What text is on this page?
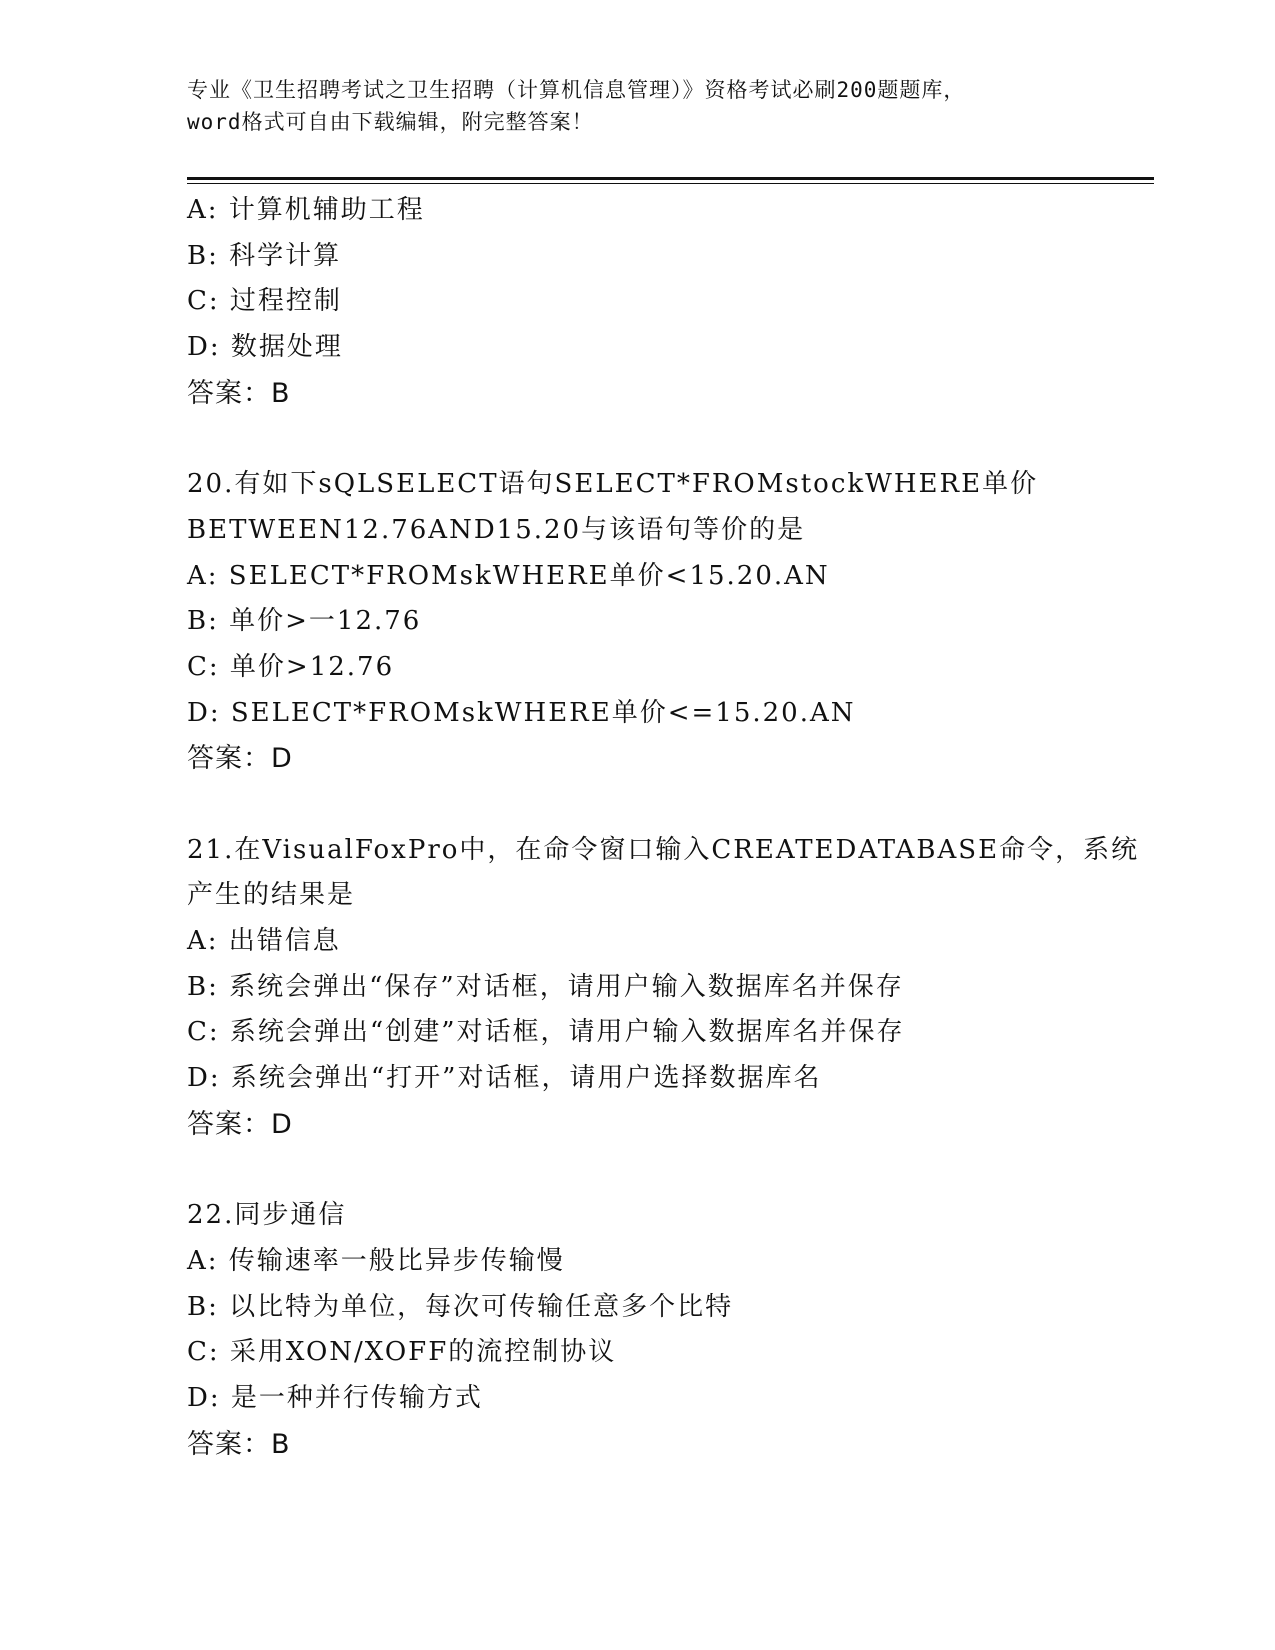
专业《卫生招聘考试之卫生招聘（计算机信息管理）》资格考试必刷200题题库，
word格式可自由下载编辑，附完整答案！
A: 计算机辅助工程
B: 科学计算
C: 过程控制
D: 数据处理
答案：B
20.有如下sQLSELECT语句SELECT*FROMstockWHERE单价
BETWEEN12.76AND15.20与该语句等价的是
A: SELECT*FROMskWHERE单价<15.20.AN
B: 单价>一12.76
C: 单价>12.76
D: SELECT*FROMskWHERE单价<=15.20.AN
答案：D
21.在VisualFoxPro中，在命令窗口输入CREATEDATABASE命令，系统
产生的结果是
A: 出错信息
B: 系统会弹出“保存”对话框，请用户输入数据库名并保存
C: 系统会弹出“创建”对话框，请用户输入数据库名并保存
D: 系统会弹出“打开”对话框，请用户选择数据库名
答案：D
22.同步通信
A: 传输速率一般比异步传输慢
B: 以比特为单位，每次可传输任意多个比特
C: 采用XON/XOFF的流控制协议
D: 是一种并行传输方式
答案：B
